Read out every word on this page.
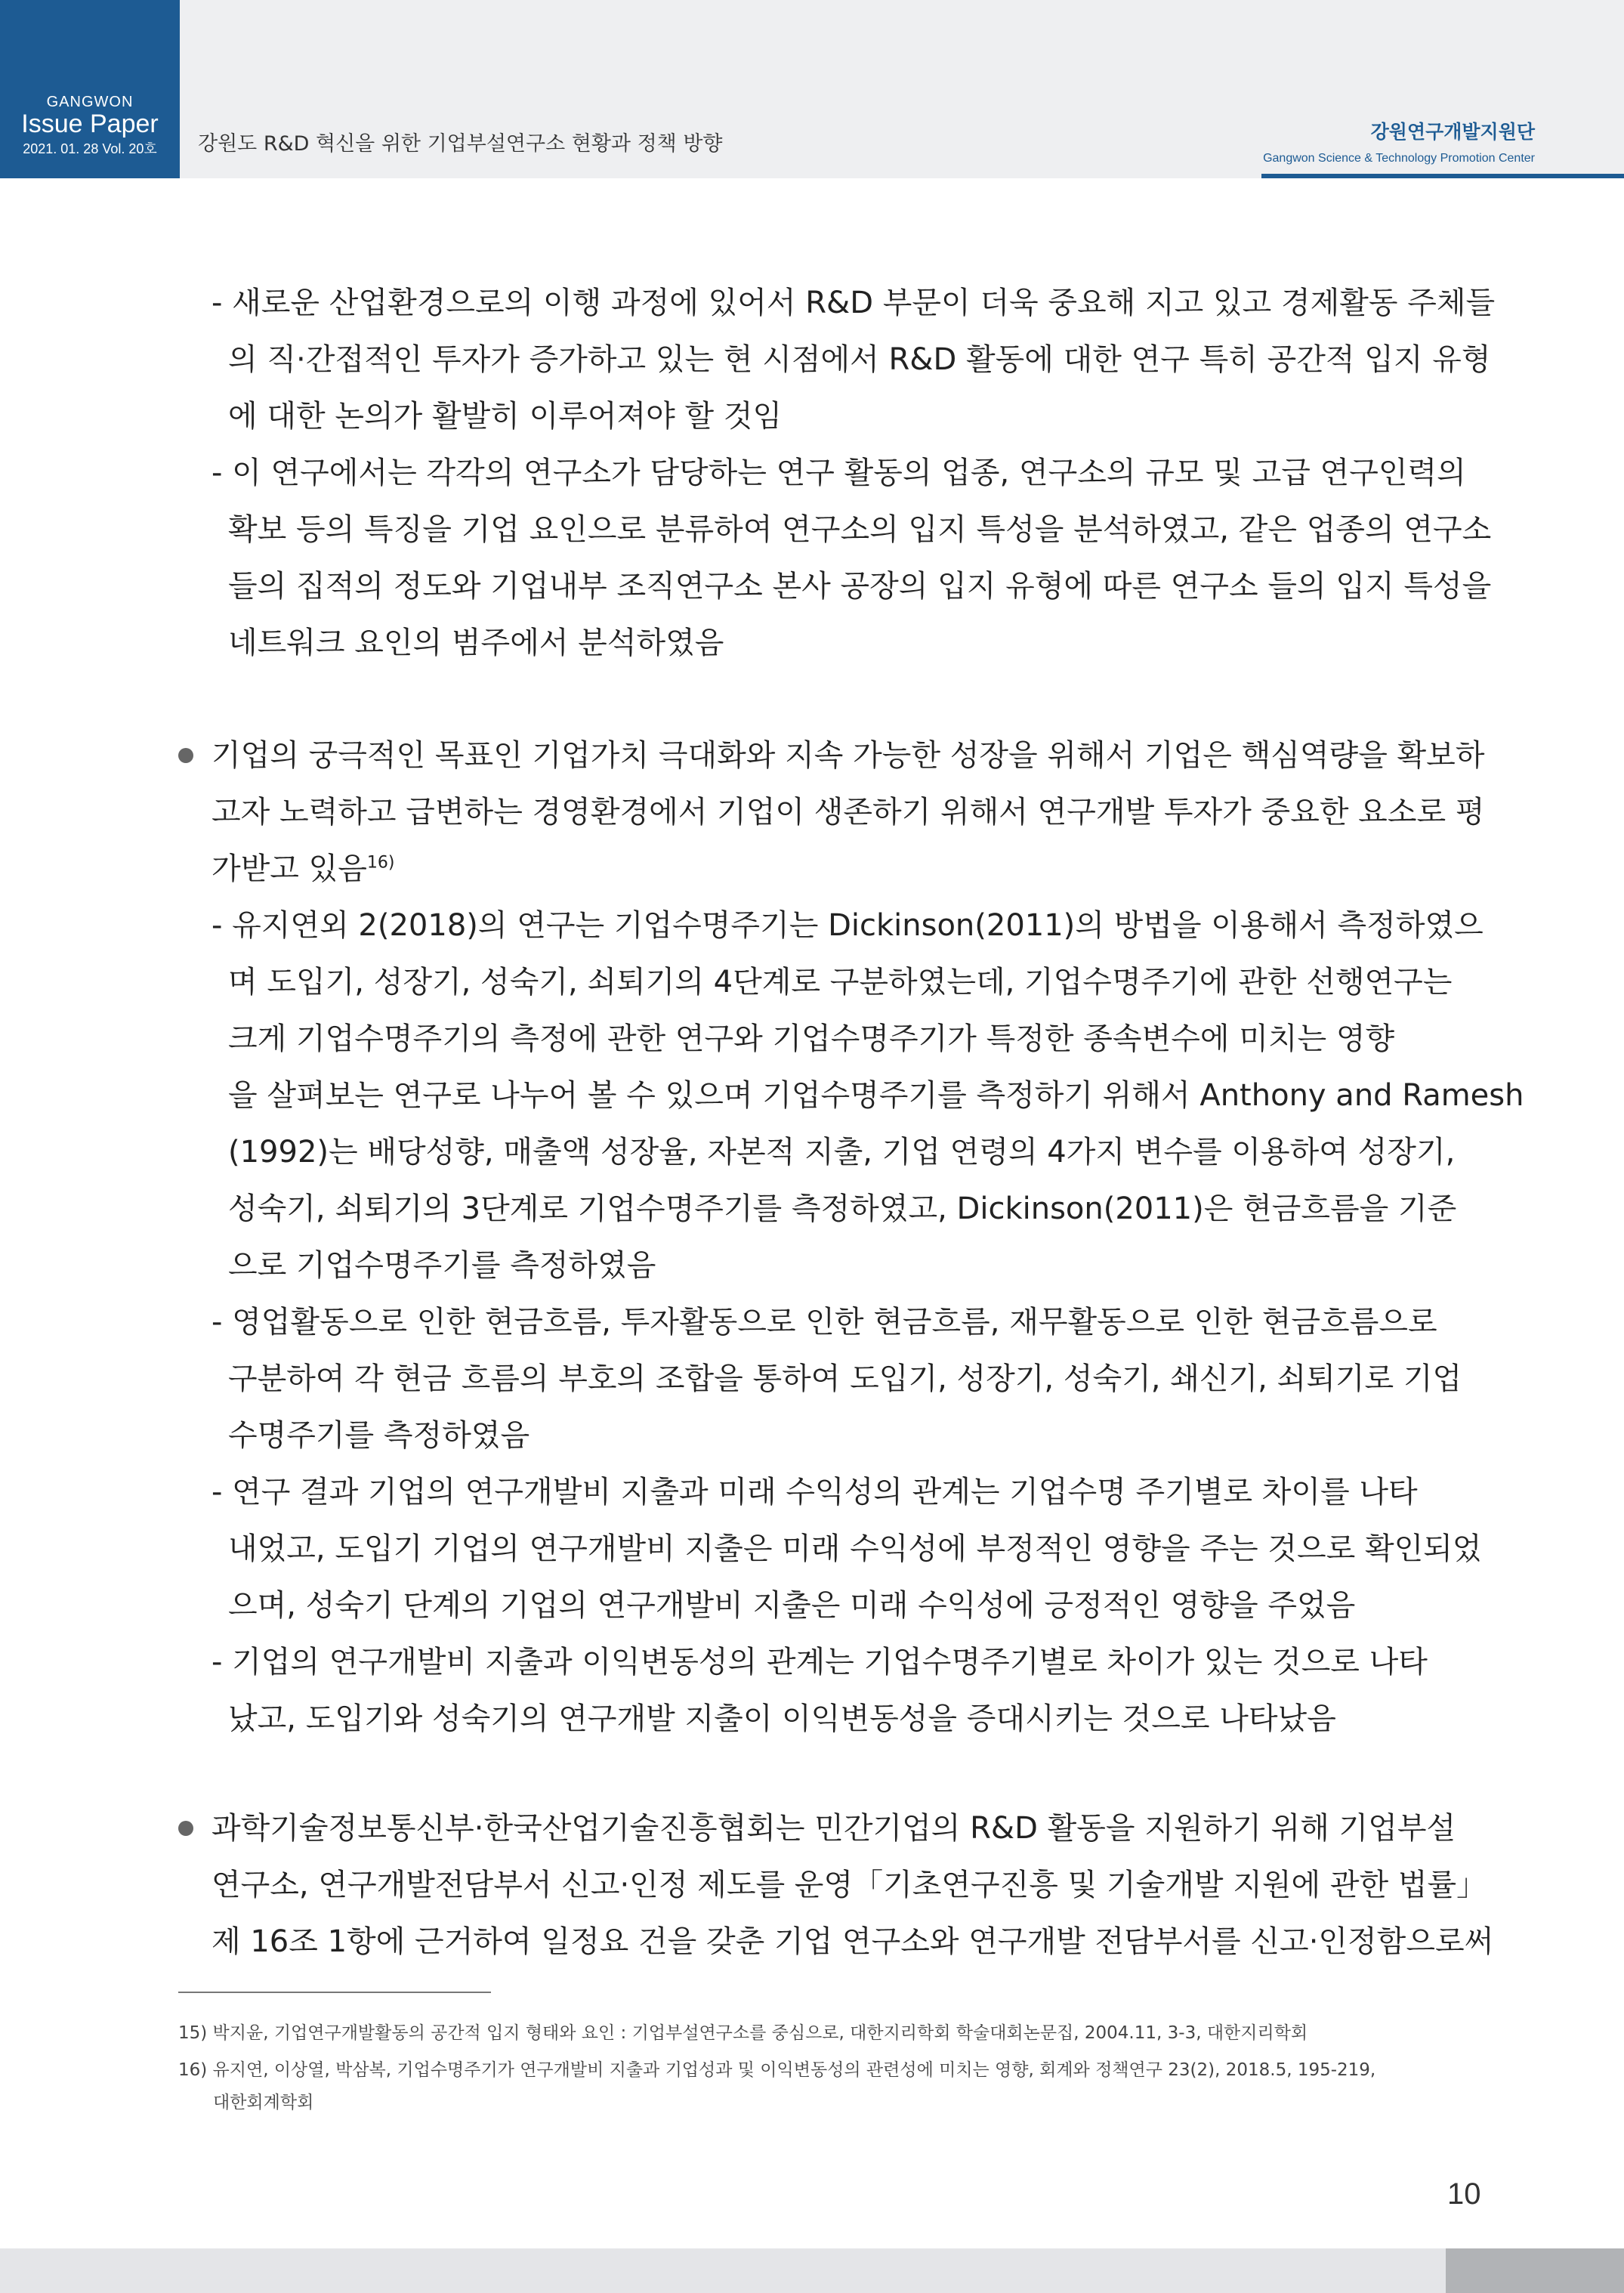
GANGWON
Issue Paper
2021. 01. 28 Vol. 20호	강원도 R&D 혁신을 위한 기업부설연구소 현황과 정책 방향
강원연구개발지원단
Gangwon Science & Technology Promotion Center
- 새로운 산업환경으로의 이행 과정에 있어서 R&D 부문이 더욱 중요해 지고 있고 경제활동 주체들
의 직·간접적인 투자가 증가하고 있는 현 시점에서 R&D 활동에 대한 연구 특히 공간적 입지 유형
에 대한 논의가 활발히 이루어져야 할 것임
- 이 연구에서는 각각의 연구소가 담당하는 연구 활동의 업종, 연구소의 규모 및 고급 연구인력의
확보 등의 특징을 기업 요인으로 분류하여 연구소의 입지 특성을 분석하였고, 같은 업종의 연구소
들의 집적의 정도와 기업내부 조직연구소 본사 공장의 입지 유형에 따른 연구소 들의 입지 특성을
네트워크 요인의 범주에서 분석하였음
기업의 궁극적인 목표인 기업가치 극대화와 지속 가능한 성장을 위해서 기업은 핵심역량을 확보하
고자 노력하고 급변하는 경영환경에서 기업이 생존하기 위해서 연구개발 투자가 중요한 요소로 평
가받고 있음$^{16)}$
- 유지연외 2(2018)의 연구는 기업수명주기는 Dickinson(2011)의 방법을 이용해서 측정하였으
며 도입기, 성장기, 성숙기, 쇠퇴기의 4단계로 구분하였는데, 기업수명주기에 관한 선행연구는
크게 기업수명주기의 측정에 관한 연구와 기업수명주기가 특정한 종속변수에 미치는 영향
을 살펴보는 연구로 나누어 볼 수 있으며 기업수명주기를 측정하기 위해서 Anthony and Ramesh
(1992)는 배당성향, 매출액 성장율, 자본적 지출, 기업 연령의 4가지 변수를 이용하여 성장기,
성숙기, 쇠퇴기의 3단계로 기업수명주기를 측정하였고, Dickinson(2011)은 현금흐름을 기준
으로 기업수명주기를 측정하였음
- 영업활동으로 인한 현금흐름, 투자활동으로 인한 현금흐름, 재무활동으로 인한 현금흐름으로
구분하여 각 현금 흐름의 부호의 조합을 통하여 도입기, 성장기, 성숙기, 쇄신기, 쇠퇴기로 기업
수명주기를 측정하였음
- 연구 결과 기업의 연구개발비 지출과 미래 수익성의 관계는 기업수명 주기별로 차이를 나타
내었고, 도입기 기업의 연구개발비 지출은 미래 수익성에 부정적인 영향을 주는 것으로 확인되었
으며, 성숙기 단계의 기업의 연구개발비 지출은 미래 수익성에 긍정적인 영향을 주었음
- 기업의 연구개발비 지출과 이익변동성의 관계는 기업수명주기별로 차이가 있는 것으로 나타
났고, 도입기와 성숙기의 연구개발 지출이 이익변동성을 증대시키는 것으로 나타났음
과학기술정보통신부·한국산업기술진흥협회는 민간기업의 R&D 활동을 지원하기 위해 기업부설
연구소, 연구개발전담부서 신고·인정 제도를 운영「기초연구진흥 및 기술개발 지원에 관한 법률」
제 16조 1항에 근거하여 일정요 건을 갖춘 기업 연구소와 연구개발 전담부서를 신고·인정함으로써
15) 박지윤, 기업연구개발활동의 공간적 입지 형태와 요인 : 기업부설연구소를 중심으로, 대한지리학회 학술대회논문집, 2004.11, 3-3, 대한지리학회
16) 유지연, 이상열, 박삼복, 기업수명주기가 연구개발비 지출과 기업성과 및 이익변동성의 관련성에 미치는 영향, 회계와 정책연구 23(2), 2018.5, 195-219,
대한회계학회
10
